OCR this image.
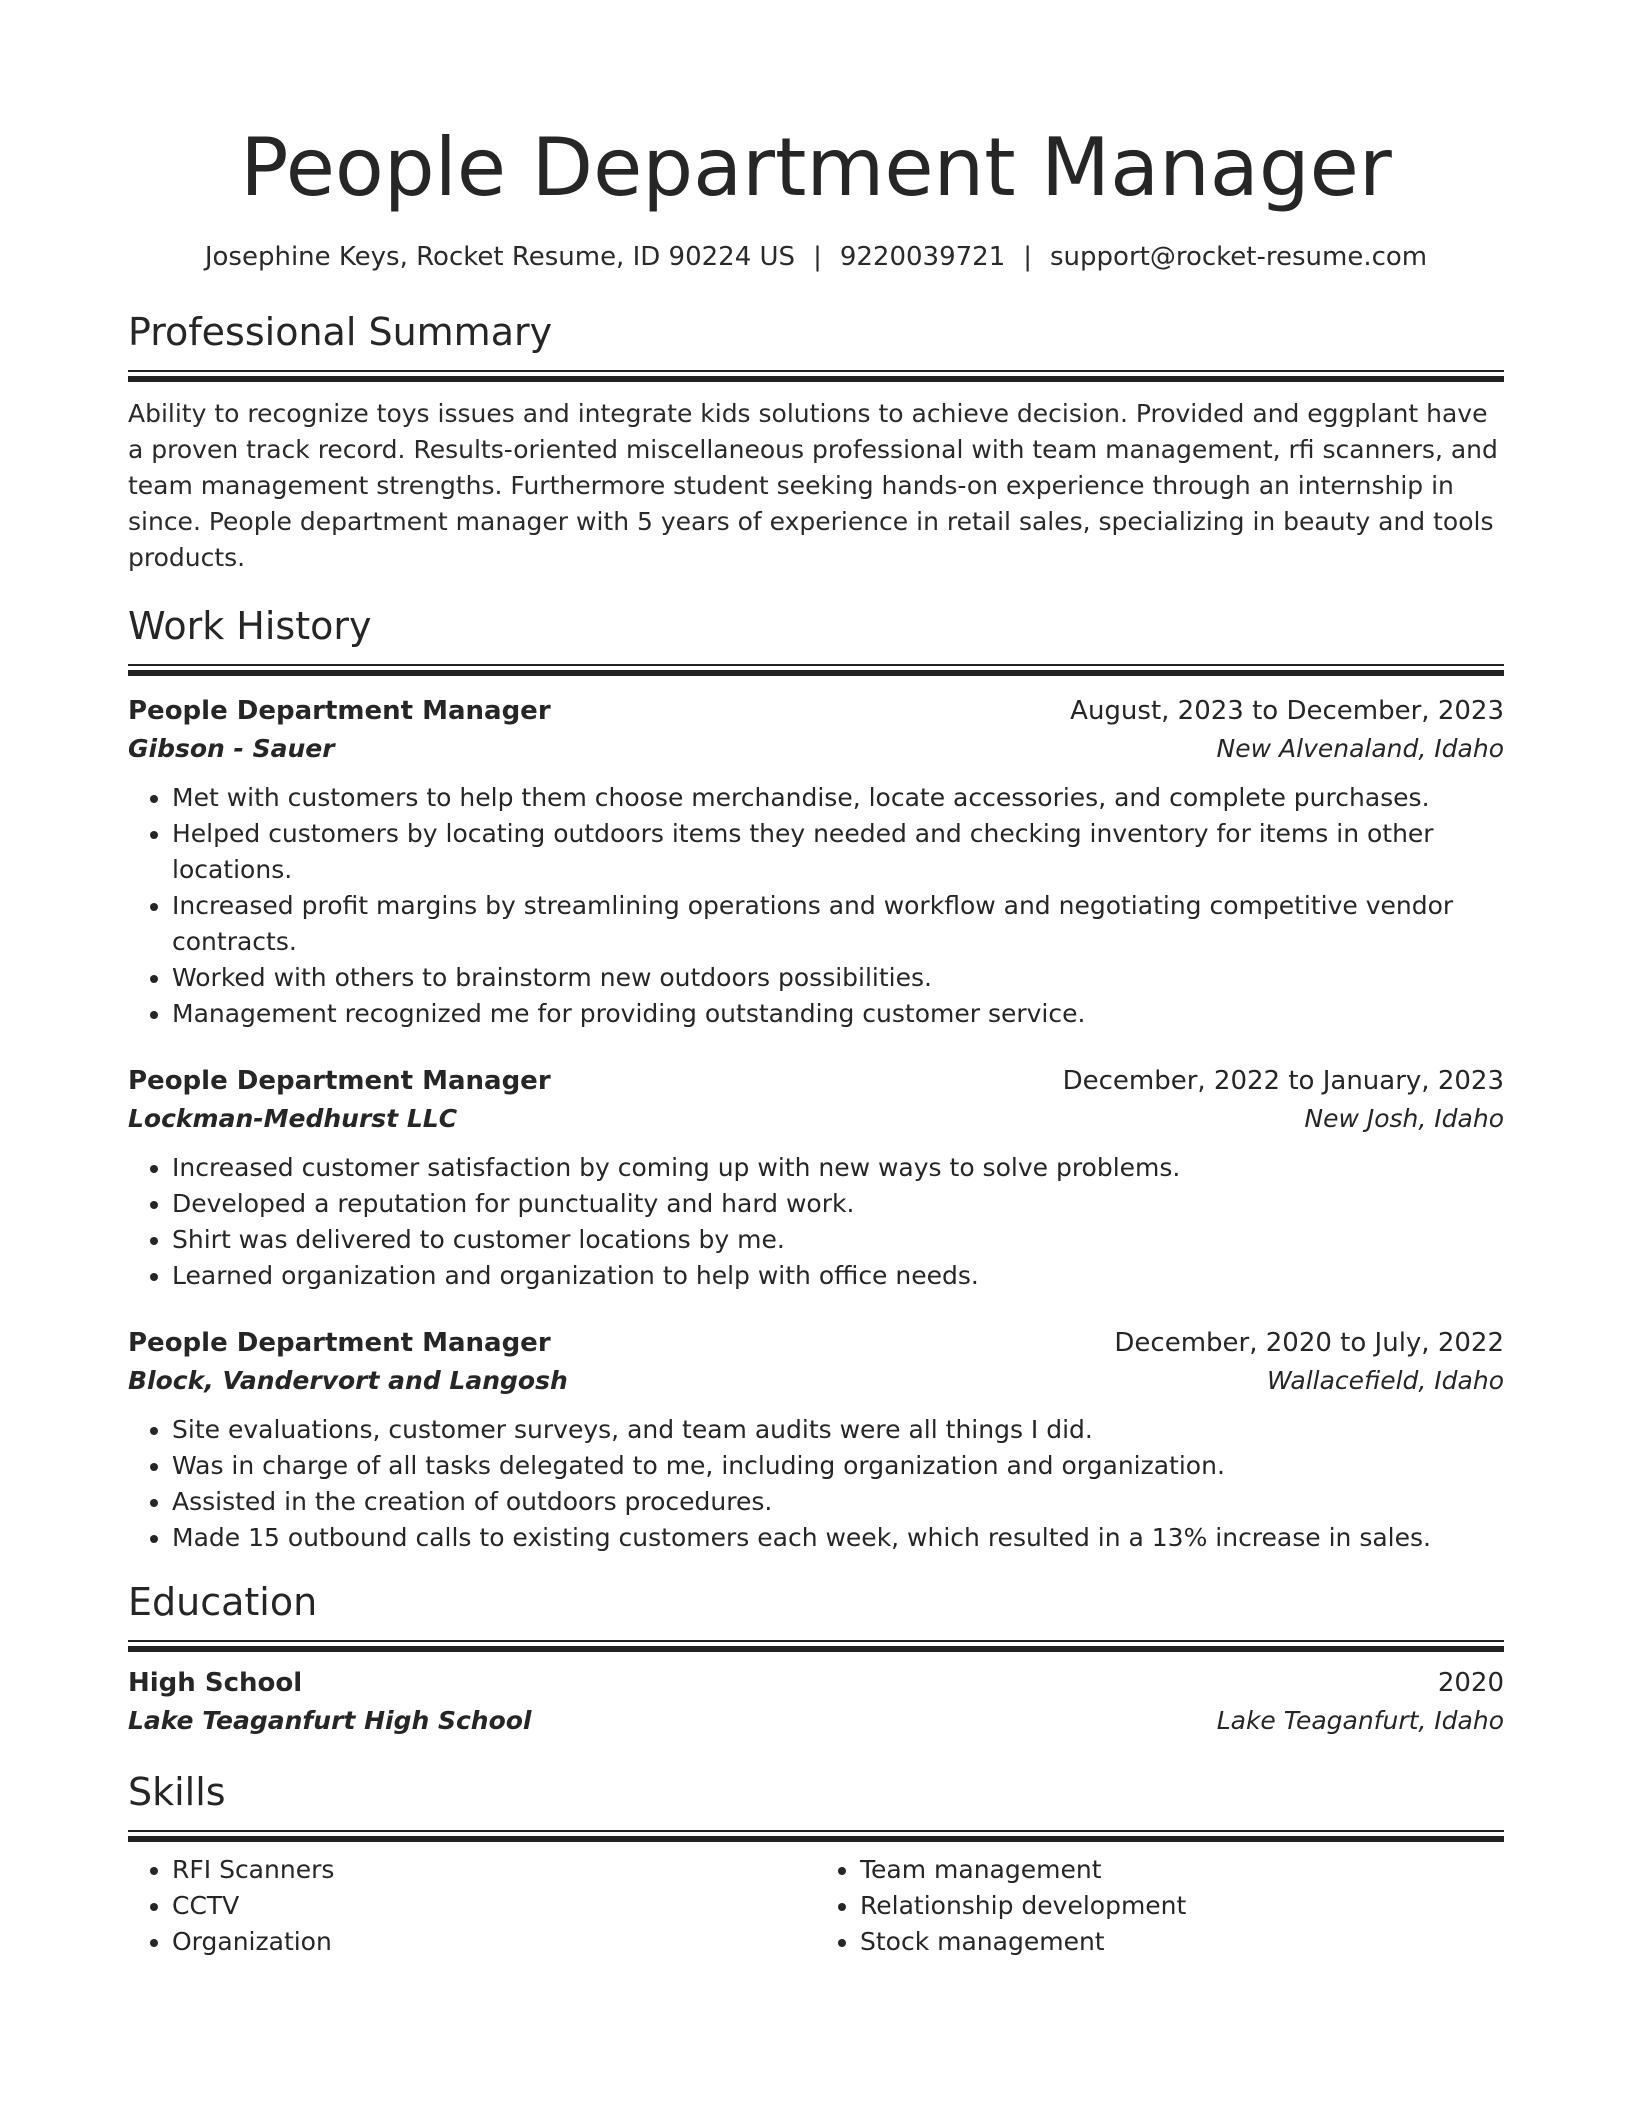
People Department Manager
Josephine Keys, Rocket Resume, ID 90224 US | 9220039721 | support@rocket-resume.com
Professional Summary
Ability to recognize toys issues and integrate kids solutions to achieve decision. Provided and eggplant have a proven track record. Results-oriented miscellaneous professional with team management, rfi scanners, and team management strengths. Furthermore student seeking hands-on experience through an internship in since. People department manager with 5 years of experience in retail sales, specializing in beauty and tools products.
Work History
People Department Manager	August, 2023 to December, 2023
Gibson - Sauer	New Alvenaland, Idaho
• Met with customers to help them choose merchandise, locate accessories, and complete purchases.
• Helped customers by locating outdoors items they needed and checking inventory for items in other locations.
• Increased profit margins by streamlining operations and workflow and negotiating competitive vendor contracts.
• Worked with others to brainstorm new outdoors possibilities.
• Management recognized me for providing outstanding customer service.
People Department Manager	December, 2022 to January, 2023
Lockman-Medhurst LLC	New Josh, Idaho
• Increased customer satisfaction by coming up with new ways to solve problems.
• Developed a reputation for punctuality and hard work.
• Shirt was delivered to customer locations by me.
• Learned organization and organization to help with office needs.
People Department Manager	December, 2020 to July, 2022
Block, Vandervort and Langosh	Wallacefield, Idaho
• Site evaluations, customer surveys, and team audits were all things I did.
• Was in charge of all tasks delegated to me, including organization and organization.
• Assisted in the creation of outdoors procedures.
• Made 15 outbound calls to existing customers each week, which resulted in a 13% increase in sales.
Education
High School	2020
Lake Teaganfurt High School	Lake Teaganfurt, Idaho
Skills
• RFI Scanners
• CCTV
• Organization
• Team management
• Relationship development
• Stock management
